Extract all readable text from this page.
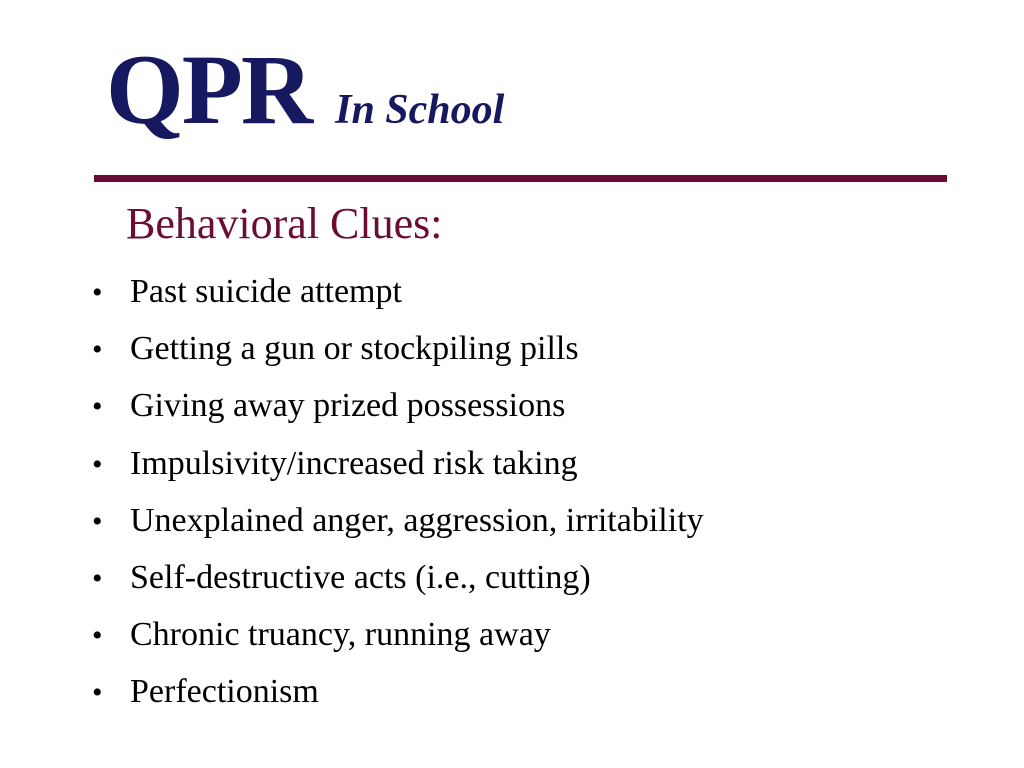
QPR In School
Behavioral Clues:
• Past suicide attempt
• Getting a gun or stockpiling pills
• Giving away prized possessions
• Impulsivity/increased risk taking
• Unexplained anger, aggression, irritability
• Self-destructive acts (i.e., cutting)
• Chronic truancy, running away
• Perfectionism
